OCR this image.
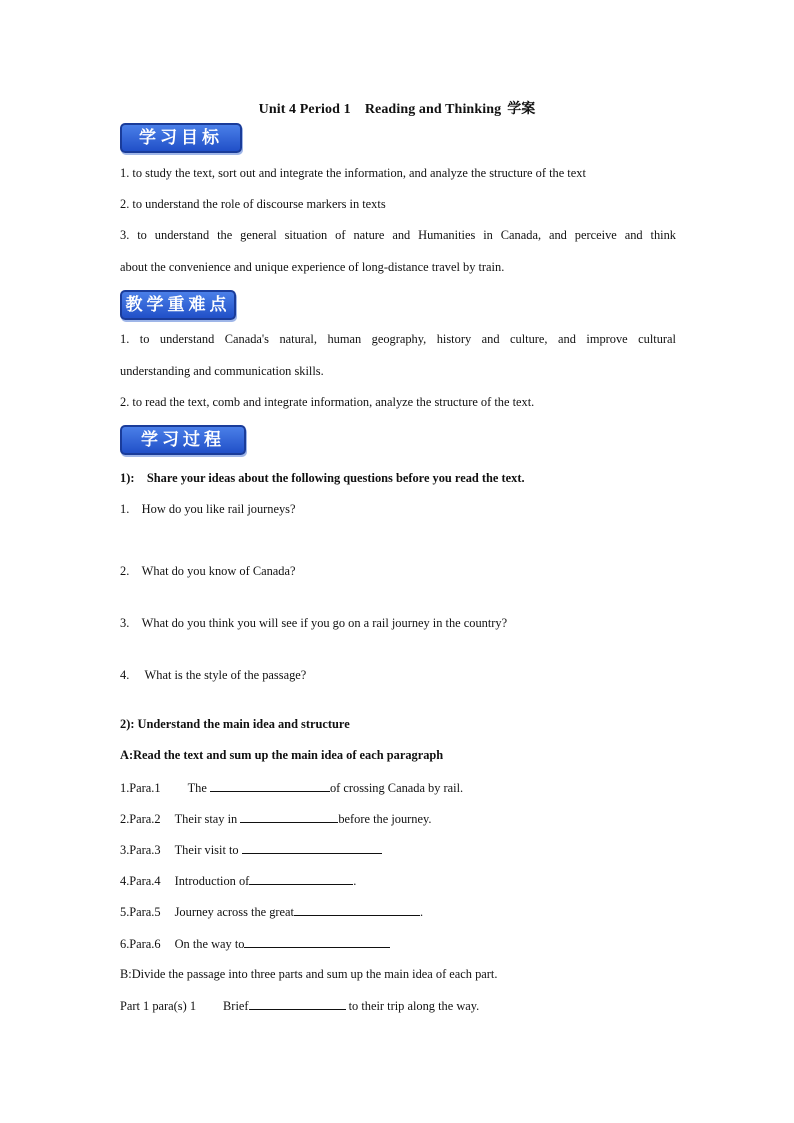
Unit 4 Period 1　Reading and Thinking 学案
学习目标
1. to study the text, sort out and integrate the information, and analyze the structure of the text
2. to understand the role of discourse markers in texts
3. to understand the general situation of nature and Humanities in Canada, and perceive and think
about the convenience and unique experience of long-distance travel by train.
教学重难点
1. to understand Canada's natural, human geography, history and culture, and improve cultural
understanding and communication skills.
2. to read the text, comb and integrate information, analyze the structure of the text.
学习过程
1):　Share your ideas about the following questions before you read the text.
1.　How do you like rail journeys?
2.　What do you know of Canada?
3.　What do you think you will see if you go on a rail journey in the country?
4.　 What is the style of the passage?
2): Understand the main idea and structure
A:Read the text and sum up the main idea of each paragraph
1.Para.1 The	of crossing Canada by rail.
2.Para.2 Their stay in	before the journey.
3.Para.3 Their visit to
4.Para.4 Introduction of	.
5.Para.5 Journey across the great	.
6.Para.6 On the way to
B:Divide the passage into three parts and sum up the main idea of each part.
Part 1 para(s) 1 Brief	to their trip along the way.
